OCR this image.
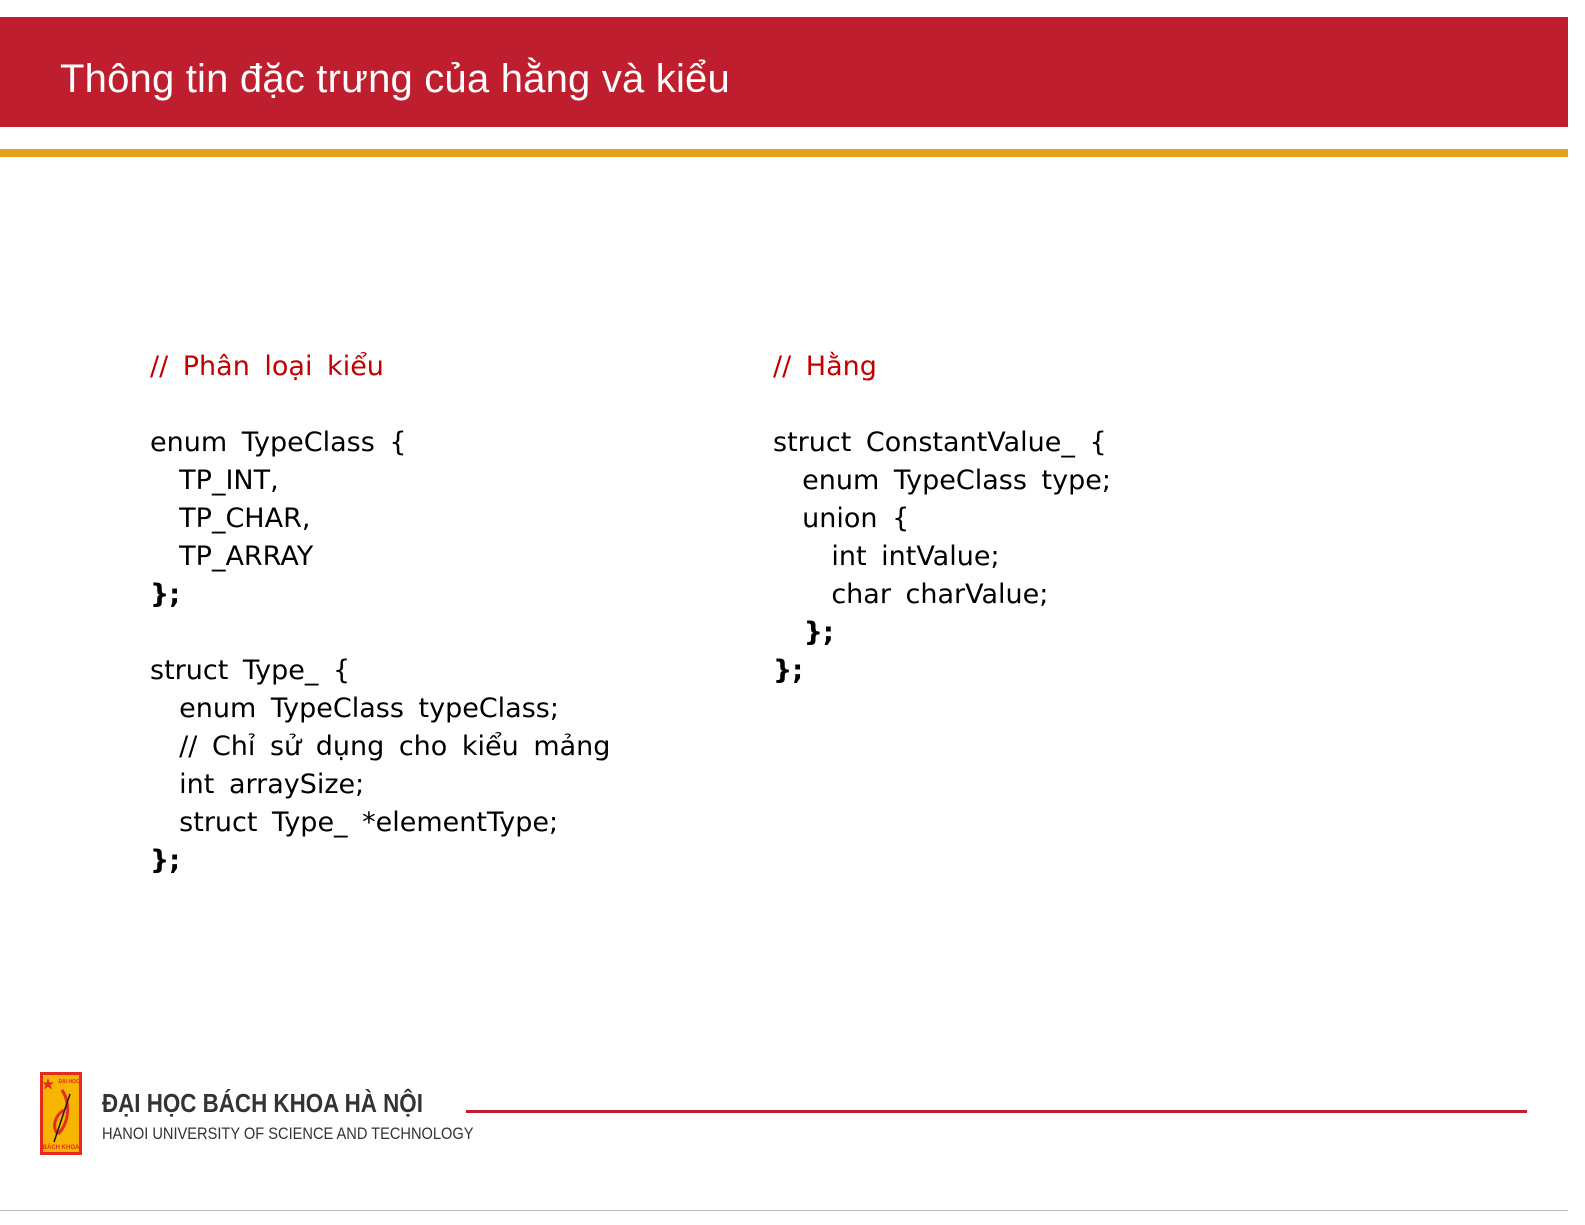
Thông tin đặc trưng của hằng và kiểu
// Phân loại kiểu
enum TypeClass {
TP_INT,
TP_CHAR,
TP_ARRAY
};
struct Type_ {
enum TypeClass typeClass;
// Chỉ sử dụng cho kiểu mảng
int arraySize;
struct Type_ *elementType;
};
// Hằng
struct ConstantValue_ {
enum TypeClass type;
union {
int intValue;
char charValue;
};
};
ĐẠI HỌC
BÁCH KHOA
ĐẠI HỌC BÁCH KHOA HÀ NỘI
HANOI UNIVERSITY OF SCIENCE AND TECHNOLOGY
